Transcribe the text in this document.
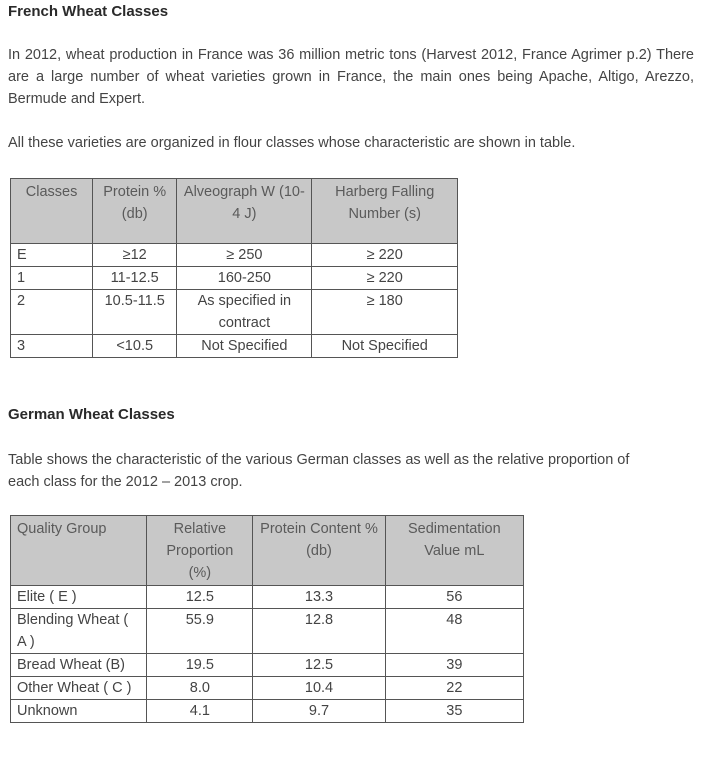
French Wheat Classes

In 2012, wheat production in France was 36 million metric tons (Harvest 2012, France Agrimer p.2) There are a large number of wheat varieties grown in France, the main ones being Apache, Altigo, Arezzo, Bermude and Expert.

All these varieties are organized in flour classes whose characteristic are shown in table.

Classes	Protein %(db)	Alveograph W (10-4 J)	Harberg Falling Number (s)
E	≥12	≥ 250	≥ 220
1	11-12.5	160-250	≥ 220
2	10.5-11.5	As specified in contract	≥ 180
3	<10.5	Not Specified	Not Specified
German Wheat Classes

Table shows the characteristic of the various German classes as well as the relative proportion of each class for the 2012 – 2013 crop.

Quality Group	Relative Proportion (%)	Protein Content % (db)	Sedimentation Value mL
Elite ( E )	12.5	13.3	56
Blending Wheat ( A )	55.9	12.8	48
Bread Wheat (B)	19.5	12.5	39
Other Wheat ( C )	8.0	10.4	22
Unknown	4.1	9.7	35
